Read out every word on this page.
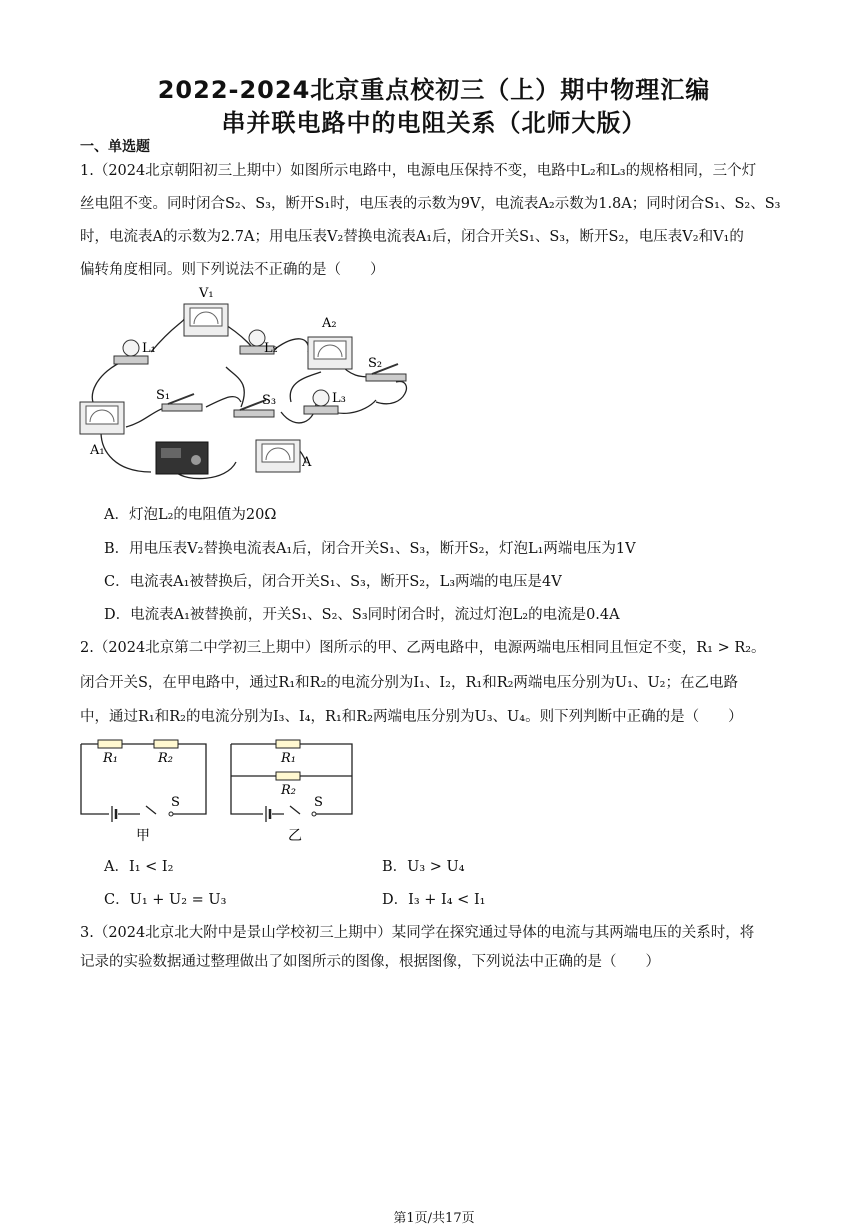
2022-2024北京重点校初三（上）期中物理汇编
串并联电路中的电阻关系（北师大版）
一、单选题
1.（2024北京朝阳初三上期中）如图所示电路中，电源电压保持不变，电路中L₂和L₃的规格相同，三个灯
丝电阻不变。同时闭合S₂、S₃，断开S₁时，电压表的示数为9V，电流表A₂示数为1.8A；同时闭合S₁、S₂、S₃
时，电流表A的示数为2.7A；用电压表V₂替换电流表A₁后，闭合开关S₁、S₃，断开S₂，电压表V₂和V₁的
偏转角度相同。则下列说法不正确的是（　　）
V₁
L₁	L₂
A₂
S₂
S₁	S₃	L₃
A₁
A
A．灯泡L₂的电阻值为20Ω
B．用电压表V₂替换电流表A₁后，闭合开关S₁、S₃，断开S₂，灯泡L₁两端电压为1V
C．电流表A₁被替换后，闭合开关S₁、S₃，断开S₂，L₃两端的电压是4V
D．电流表A₁被替换前，开关S₁、S₂、S₃同时闭合时，流过灯泡L₂的电流是0.4A
2.（2024北京第二中学初三上期中）图所示的甲、乙两电路中，电源两端电压相同且恒定不变，R₁ > R₂。
闭合开关S，在甲电路中，通过R₁和R₂的电流分别为I₁、I₂，R₁和R₂两端电压分别为U₁、U₂；在乙电路
中，通过R₁和R₂的电流分别为I₃、I₄，R₁和R₂两端电压分别为U₃、U₄。则下列判断中正确的是（　　）
R₁	R₂	R₁
R₂
S	S
甲	乙
A．I₁ < I₂	B．U₃ > U₄
C．U₁ + U₂ = U₃	D．I₃ + I₄ < I₁
3.（2024北京北大附中是景山学校初三上期中）某同学在探究通过导体的电流与其两端电压的关系时，将
记录的实验数据通过整理做出了如图所示的图像，根据图像，下列说法中正确的是（　　）
第1页/共17页
